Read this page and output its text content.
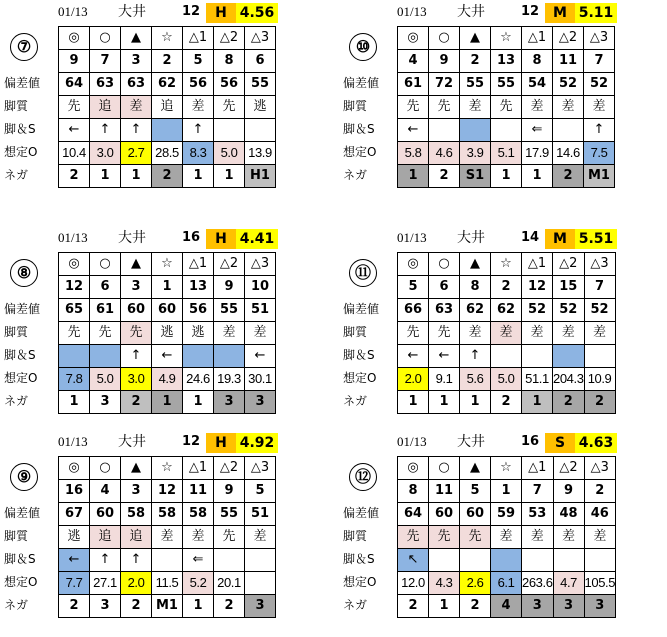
01/13 大井	12	H 4.56
⑦
偏差値
脚質
脚＆S
想定O
ネガ
◎	○	▲	☆	△1	△2	△3
9	7	3	2	5	8	6
64	63	63	62	56	56	55
先	追	差	追	差	先	逃
←	↑	↑		↑		
10.4	3.0	2.7	28.5	8.3	5.0	13.9
2	1	1	2	1	1	H1
01/13 大井	12 M 5.11
⑩
偏差値
脚質
脚＆S
想定O
ネガ
◎	○	▲	☆	△1	△2	△3
4	9	2	13	8	11	7
61	72	55	55	54	52	52
先	先	差	先	差	差	差
←				⇐		↑
5.8	4.6	3.9	5.1	17.9	14.6	7.5
1	2	S1	1	1	2	M1
01/13 大井	16	H 4.41
⑧
偏差値
脚質
脚＆S
想定O
ネガ
◎	○	▲	☆	△1	△2	△3
12	6	3	1	13	9	10
65	61	60	60	56	55	51
先	先	先	逃	逃	差	差
		↑	←			←
7.8	5.0	3.0	4.9	24.6	19.3	30.1
1	3	2	1	1	3	3
01/13 大井	14 M 5.51
⑪
偏差値
脚質
脚＆S
想定O
ネガ
◎	○	▲	☆	△1	△2	△3
5	6	8	2	12	15	7
66	63	62	62	52	52	52
先	先	差	差	差	差	差
←	←	↑				
2.0	9.1	5.6	5.0	51.1	204.3	10.9
1	1	1	2	1	2	2
01/13 大井	12	H 4.92
⑨
偏差値
脚質
脚＆S
想定O
ネガ
◎	○	▲	☆	△1	△2	△3
16	4	3	12	11	9	5
67	60	58	58	58	55	51
逃	追	追	差	差	先	差
←	↑	↑		⇐		
7.7	27.1	2.0	11.5	5.2	20.1	
2	3	2	M1	1	2	3
01/13 大井	16	S 4.63
⑫
偏差値
脚質
脚＆S
想定O
ネガ
◎	○	▲	☆	△1	△2	△3
8	11	5	1	7	9	2
64	60	60	59	53	48	46
先	先	先	差	差	差	差
↖						
12.0	4.3	2.6	6.1	263.6	4.7	105.5
2	1	2	4	3	3	3
